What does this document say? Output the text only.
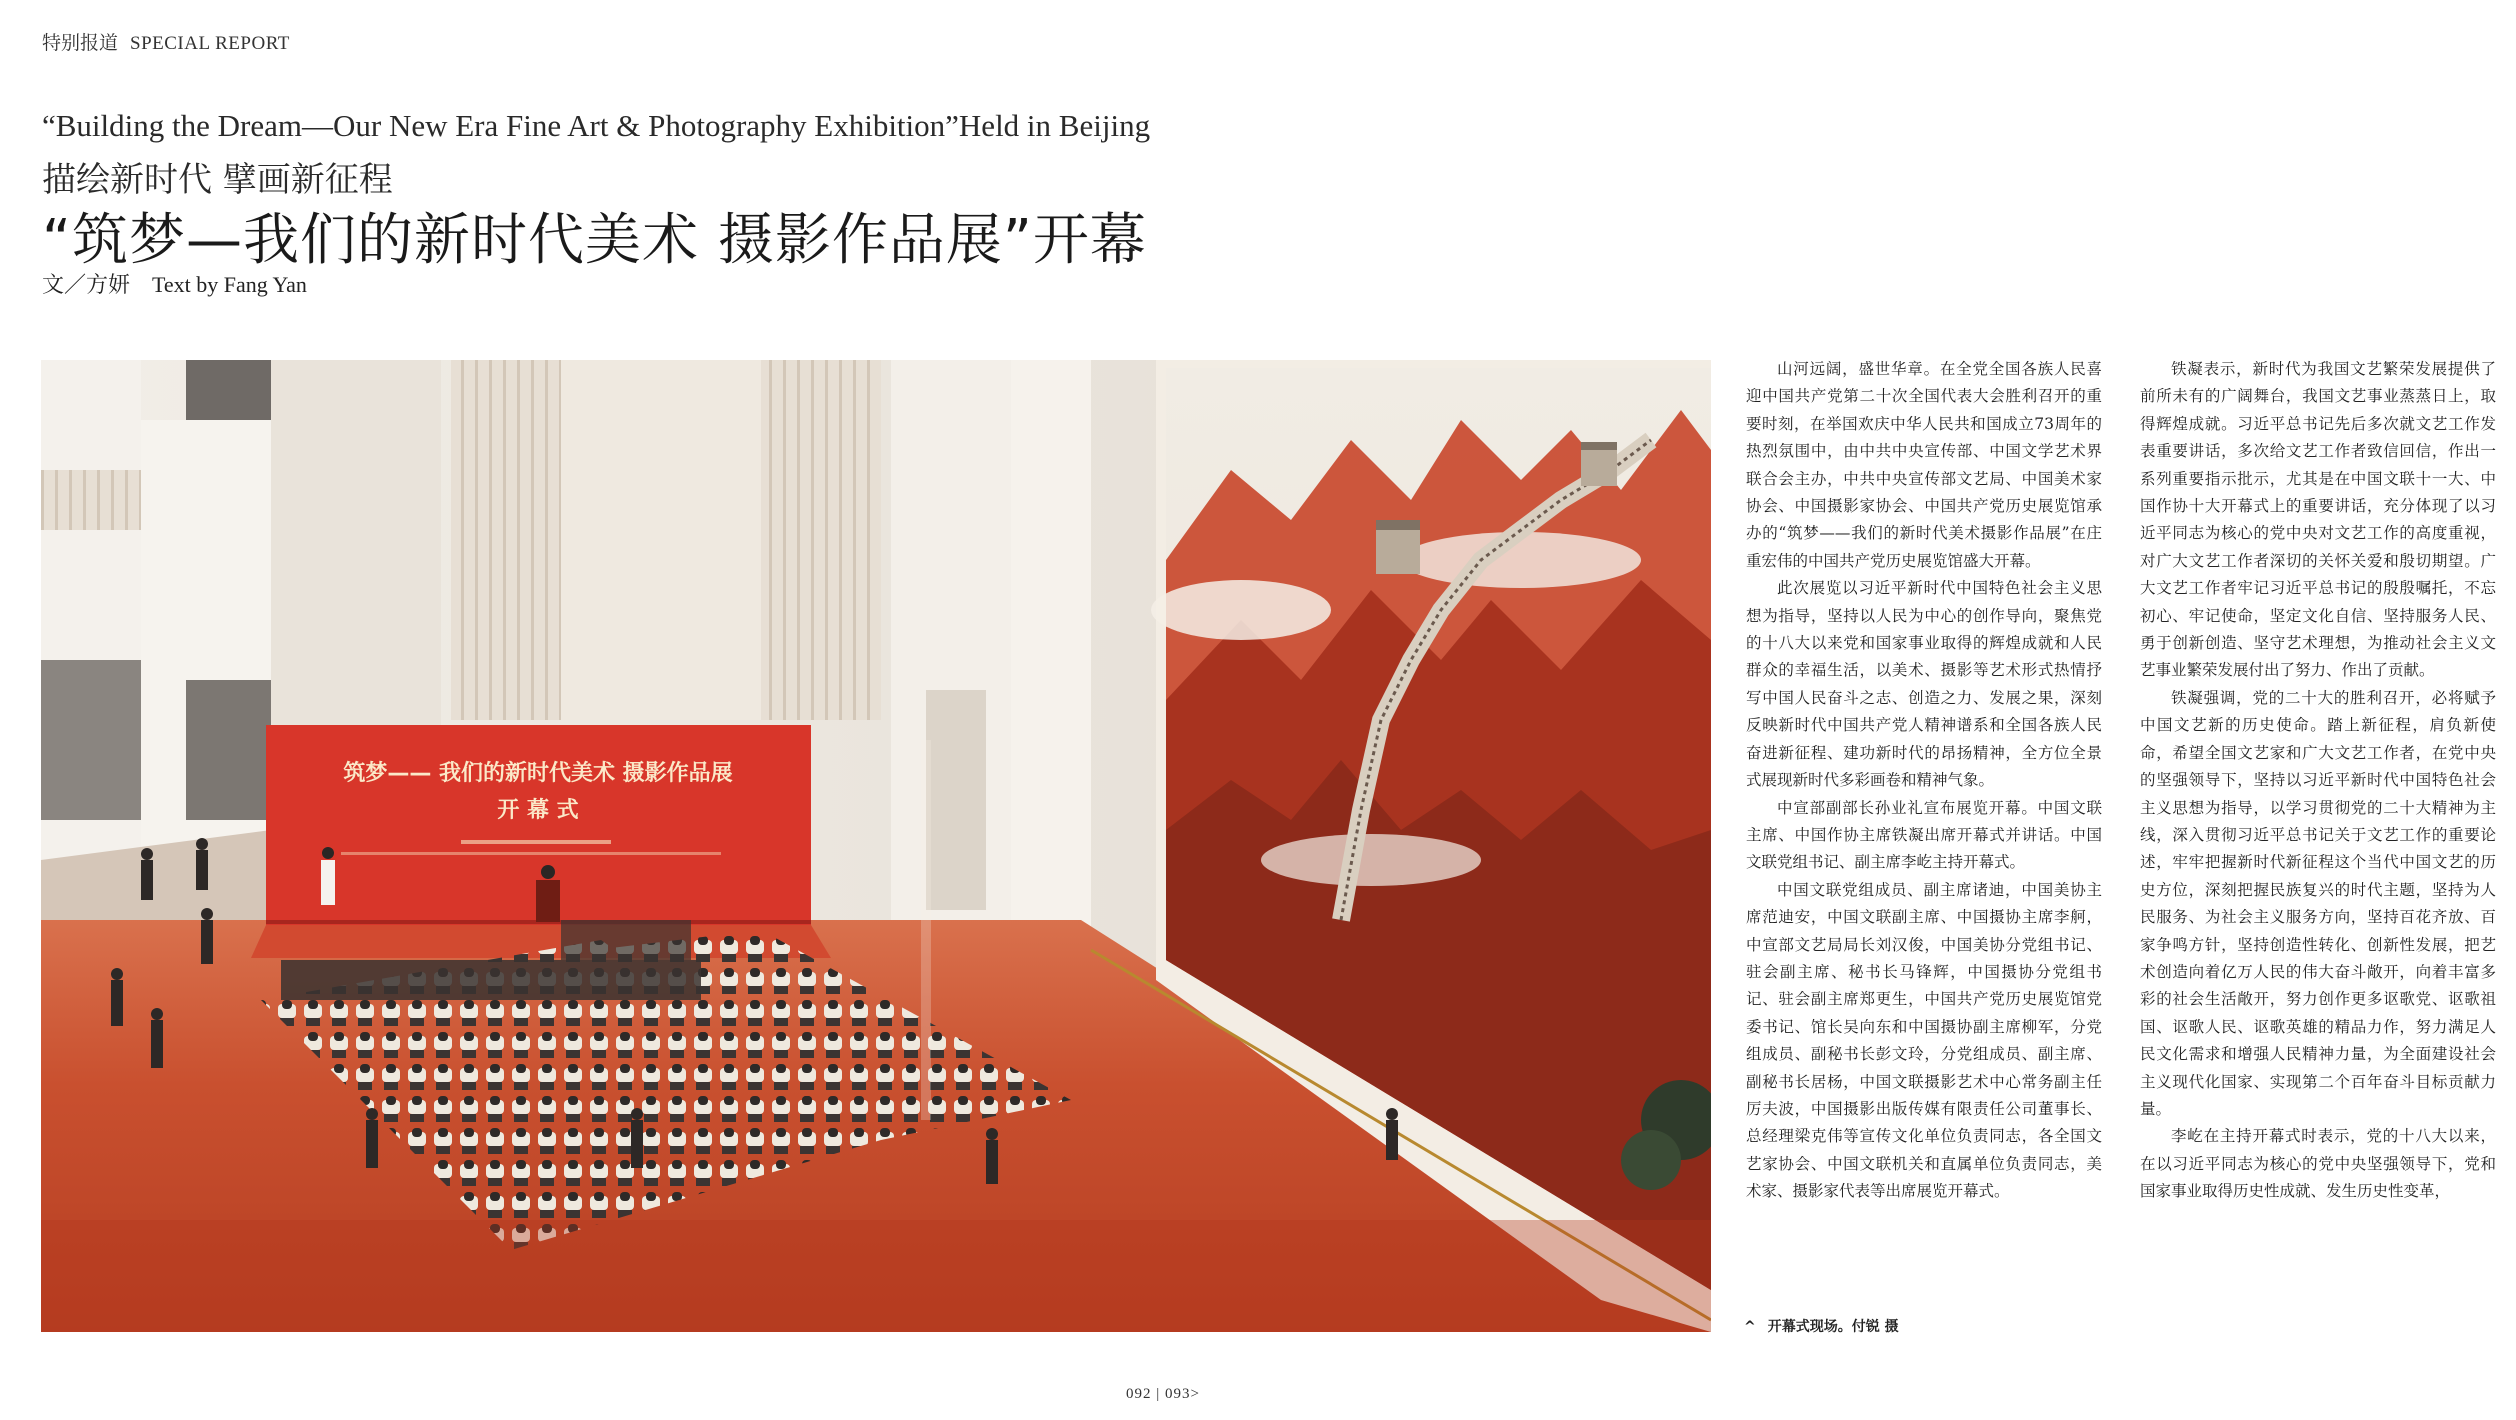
特别报道 SPECIAL REPORT
“Building the Dream—Our New Era Fine Art & Photography Exhibition”Held in Beijing
描绘新时代 擘画新征程
“筑梦—我们的新时代美术 摄影作品展”开幕
文／方妍 Text by Fang Yan
筑梦—— 我们的新时代美术 摄影作品展
开 幕 式
^ 开幕式现场。付锐 摄

山河远阔，盛世华章。在全党全国各族人民喜迎中国共产党第二十次全国代表大会胜利召开的重要时刻，在举国欢庆中华人民共和国成立73周年的热烈氛围中，由中共中央宣传部、中国文学艺术界联合会主办，中共中央宣传部文艺局、中国美术家协会、中国摄影家协会、中国共产党历史展览馆承办的“筑梦——我们的新时代美术摄影作品展”在庄重宏伟的中国共产党历史展览馆盛大开幕。

此次展览以习近平新时代中国特色社会主义思想为指导，坚持以人民为中心的创作导向，聚焦党的十八大以来党和国家事业取得的辉煌成就和人民群众的幸福生活，以美术、摄影等艺术形式热情抒写中国人民奋斗之志、创造之力、发展之果，深刻反映新时代中国共产党人精神谱系和全国各族人民奋进新征程、建功新时代的昂扬精神，全方位全景式展现新时代多彩画卷和精神气象。

中宣部副部长孙业礼宣布展览开幕。中国文联主席、中国作协主席铁凝出席开幕式并讲话。中国文联党组书记、副主席李屹主持开幕式。

中国文联党组成员、副主席诸迪，中国美协主席范迪安，中国文联副主席、中国摄协主席李舸，中宣部文艺局局长刘汉俊，中国美协分党组书记、驻会副主席、秘书长马锋辉，中国摄协分党组书记、驻会副主席郑更生，中国共产党历史展览馆党委书记、馆长吴向东和中国摄协副主席柳军，分党组成员、副秘书长彭文玲，分党组成员、副主席、副秘书长居杨，中国文联摄影艺术中心常务副主任厉夫波，中国摄影出版传媒有限责任公司董事长、总经理梁克伟等宣传文化单位负责同志，各全国文艺家协会、中国文联机关和直属单位负责同志，美术家、摄影家代表等出席展览开幕式。

铁凝表示，新时代为我国文艺繁荣发展提供了前所未有的广阔舞台，我国文艺事业蒸蒸日上，取得辉煌成就。习近平总书记先后多次就文艺工作发表重要讲话，多次给文艺工作者致信回信，作出一系列重要指示批示，尤其是在中国文联十一大、中国作协十大开幕式上的重要讲话，充分体现了以习近平同志为核心的党中央对文艺工作的高度重视，对广大文艺工作者深切的关怀关爱和殷切期望。广大文艺工作者牢记习近平总书记的殷殷嘱托，不忘初心、牢记使命，坚定文化自信、坚持服务人民、勇于创新创造、坚守艺术理想，为推动社会主义文艺事业繁荣发展付出了努力、作出了贡献。

铁凝强调，党的二十大的胜利召开，必将赋予中国文艺新的历史使命。踏上新征程，肩负新使命，希望全国文艺家和广大文艺工作者，在党中央的坚强领导下，坚持以习近平新时代中国特色社会主义思想为指导，以学习贯彻党的二十大精神为主线，深入贯彻习近平总书记关于文艺工作的重要论述，牢牢把握新时代新征程这个当代中国文艺的历史方位，深刻把握民族复兴的时代主题，坚持为人民服务、为社会主义服务方向，坚持百花齐放、百家争鸣方针，坚持创造性转化、创新性发展，把艺术创造向着亿万人民的伟大奋斗敞开，向着丰富多彩的社会生活敞开，努力创作更多讴歌党、讴歌祖国、讴歌人民、讴歌英雄的精品力作，努力满足人民文化需求和增强人民精神力量，为全面建设社会主义现代化国家、实现第二个百年奋斗目标贡献力量。

李屹在主持开幕式时表示，党的十八大以来，在以习近平同志为核心的党中央坚强领导下，党和国家事业取得历史性成就、发生历史性变革，

092 | 093>
